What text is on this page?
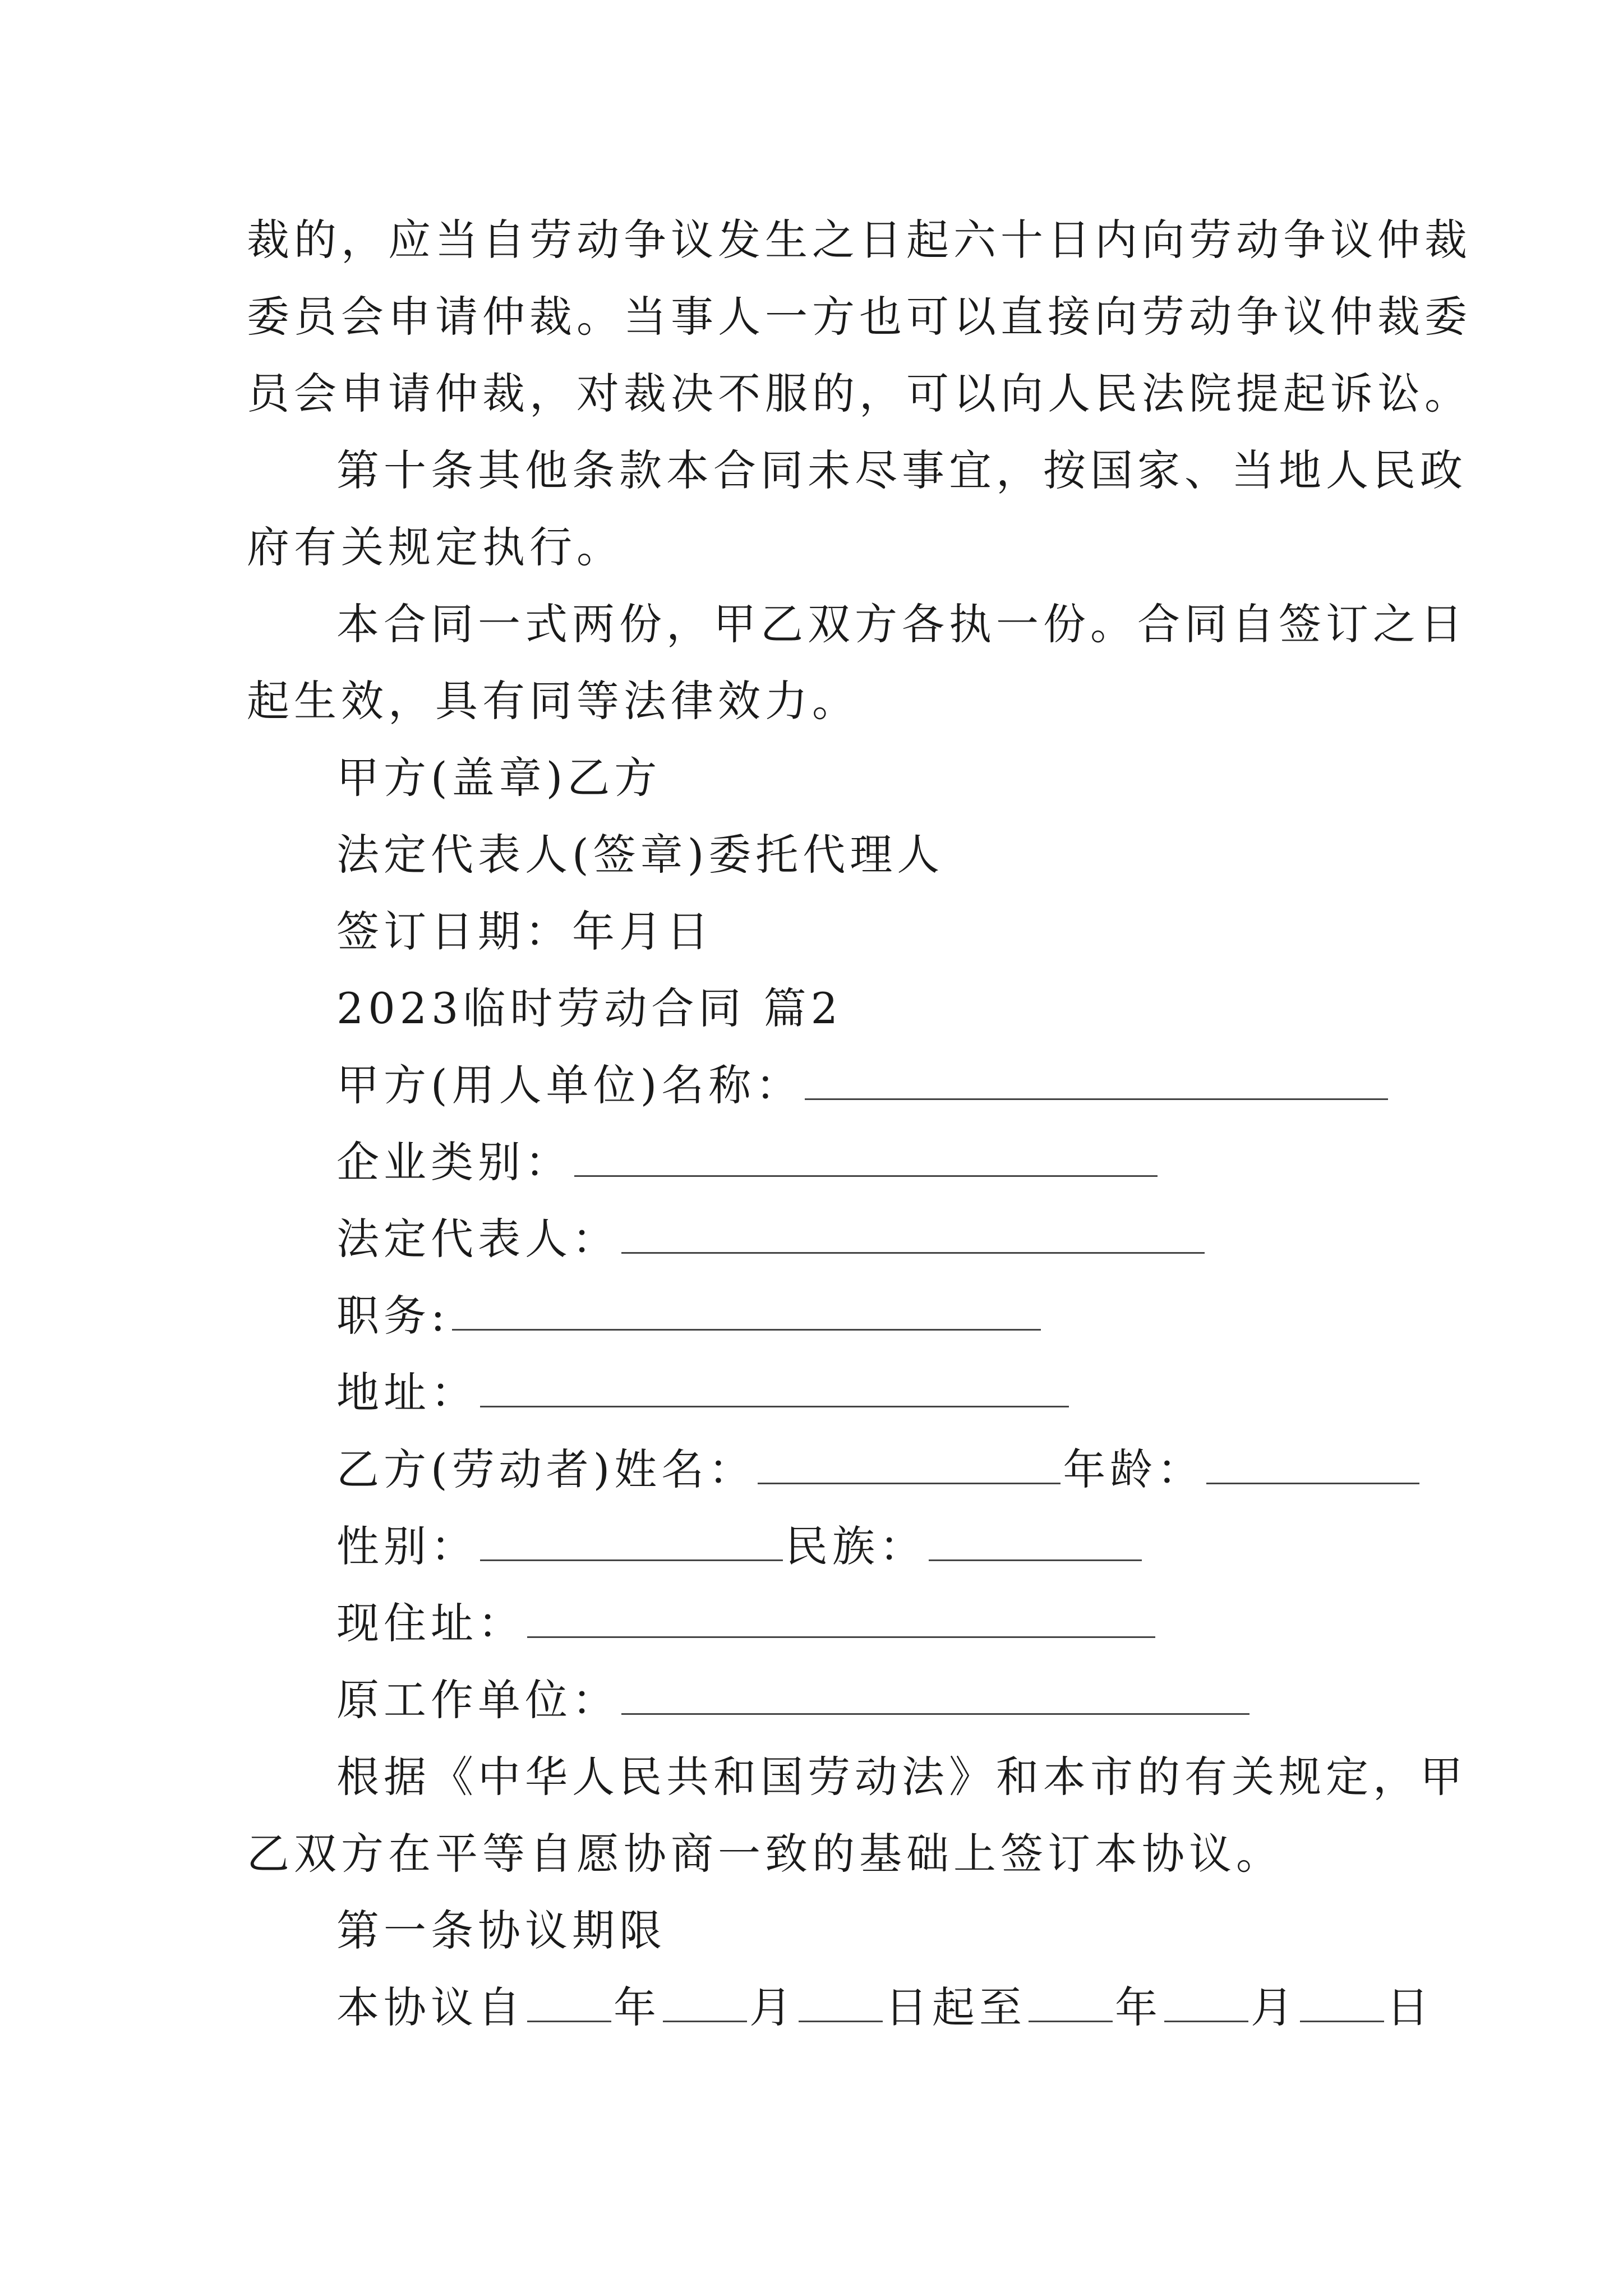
裁的，应当自劳动争议发生之日起六十日内向劳动争议仲裁
委员会申请仲裁。当事人一方也可以直接向劳动争议仲裁委
员会申请仲裁，对裁决不服的，可以向人民法院提起诉讼。
第十条其他条款本合同未尽事宜，按国家、当地人民政
府有关规定执行。
本合同一式两份，甲乙双方各执一份。合同自签订之日
起生效，具有同等法律效力。
甲方(盖章)乙方
法定代表人(签章)委托代理人
签订日期：年月日
2023临时劳动合同 篇2
甲方(用人单位)名称：
企业类别：
法定代表人：
职务:
地址：
乙方(劳动者)姓名：	年龄：
性别：	民族：
现住址：
原工作单位：
根据《中华人民共和国劳动法》和本市的有关规定，甲
乙双方在平等自愿协商一致的基础上签订本协议。
第一条协议期限
本协议自 年 月 日起至 年 月 日
